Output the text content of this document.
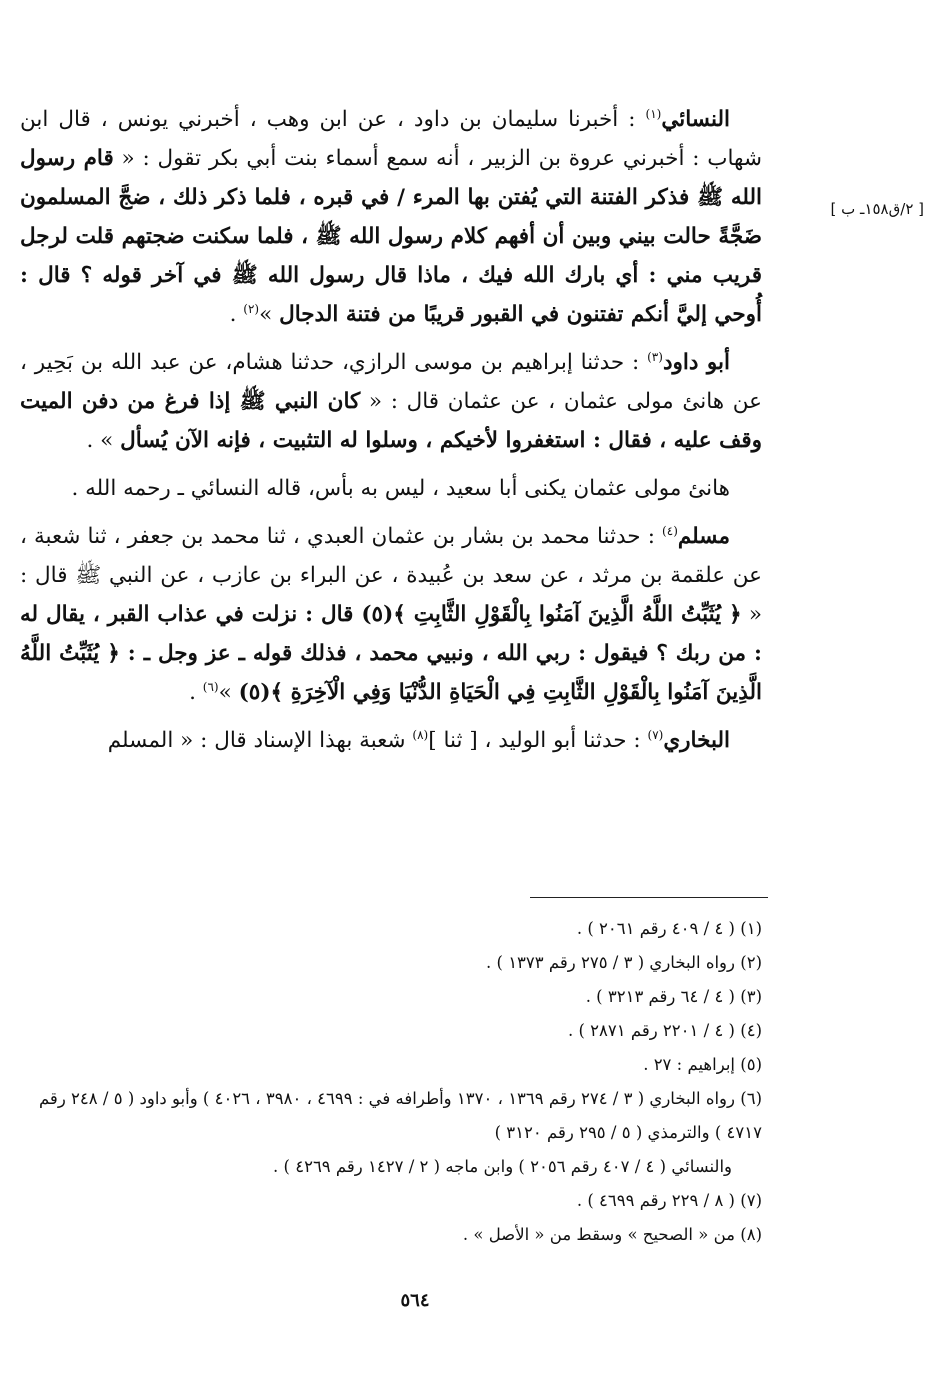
[ ٢/ق١٥٨ـ ب ]

النسائي$^{(١)}$ : أخبرنا سليمان بن داود ، عن ابن وهب ، أخبرني يونس ، قال ابن شهاب : أخبرني عروة بن الزبير ، أنه سمع أسماء بنت أبي بكر تقول : « قام رسول الله ﷺ فذكر الفتنة التي يُفتن بها المرء / في قبره ، فلما ذكر ذلك ، ضجَّ المسلمون ضَجَّةً حالت بيني وبين أن أفهم كلام رسول الله ﷺ ، فلما سكنت ضجتهم قلت لرجل قريب مني : أي بارك الله فيك ، ماذا قال رسول الله ﷺ في آخر قوله ؟ قال : أُوحي إليَّ أنكم تفتنون في القبور قريبًا من فتنة الدجال »$^{(٢)}$ .

أبو داود$^{(٣)}$ : حدثنا إبراهيم بن موسى الرازي، حدثنا هشام، عن عبد الله بن بَحِير ، عن هانئ مولى عثمان ، عن عثمان قال : « كان النبي ﷺ إذا فرغ من دفن الميت وقف عليه ، فقال : استغفروا لأخيكم ، وسلوا له التثبيت ، فإنه الآن يُسأل » .

هانئ مولى عثمان يكنى أبا سعيد ، ليس به بأس، قاله النسائي ـ رحمه الله .

مسلم$^{(٤)}$ : حدثنا محمد بن بشار بن عثمان العبدي ، ثنا محمد بن جعفر ، ثنا شعبة ، عن علقمة بن مرثد ، عن سعد بن عُبيدة ، عن البراء بن عازب ، عن النبي ﷺ قال : « ﴿ يُثَبِّتُ اللَّهُ الَّذِينَ آمَنُوا بِالْقَوْلِ الثَّابِتِ ﴾(٥) قال : نزلت في عذاب القبر ، يقال له : من ربك ؟ فيقول : ربي الله ، ونبيي محمد ، فذلك قوله ـ عز وجل ـ : ﴿ يُثَبِّتُ اللَّهُ الَّذِينَ آمَنُوا بِالْقَوْلِ الثَّابِتِ فِي الْحَيَاةِ الدُّنْيَا وَفِي الْآخِرَةِ ﴾(٥) »$^{(٦)}$ .

البخاري$^{(٧)}$ : حدثنا أبو الوليد ، [ ثنا ]$^{(٨)}$ شعبة بهذا الإسناد قال : « المسلم

(١) ( ٤ / ٤٠٩ رقم ٢٠٦١ ) .

(٢) رواه البخاري ( ٣ / ٢٧٥ رقم ١٣٧٣ ) .

(٣) ( ٤ / ٦٤ رقم ٣٢١٣ ) .

(٤) ( ٤ / ٢٢٠١ رقم ٢٨٧١ ) .

(٥) إبراهيم : ٢٧ .

(٦) رواه البخاري ( ٣ / ٢٧٤ رقم ١٣٦٩ ، ١٣٧٠ وأطرافه في : ٤٦٩٩ ، ٣٩٨٠ ، ٤٠٢٦ ) وأبو داود ( ٥ / ٢٤٨ رقم ٤٧١٧ ) والترمذي ( ٥ / ٢٩٥ رقم ٣١٢٠ )
والنسائي ( ٤ / ٤٠٧ رقم ٢٠٥٦ ) وابن ماجه ( ٢ / ١٤٢٧ رقم ٤٢٦٩ ) .

(٧) ( ٨ / ٢٢٩ رقم ٤٦٩٩ ) .

(٨) من « الصحيح » وسقط من « الأصل » .

٥٦٤
